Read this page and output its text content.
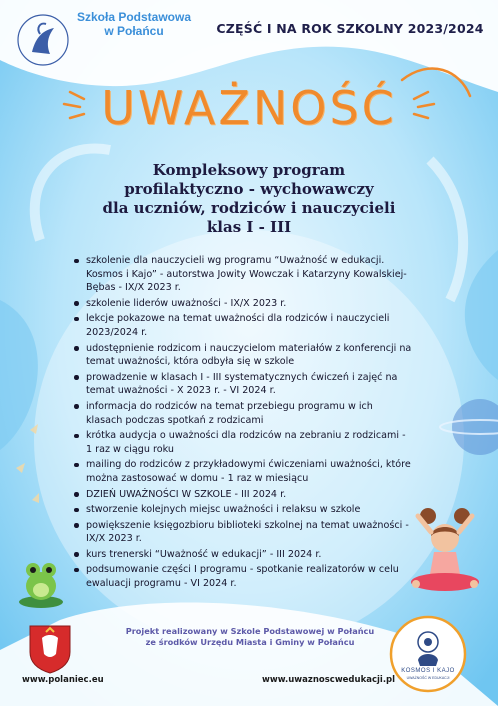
Szkoła Podstawowa
w Połańcu	CZĘŚĆ I NA ROK SZKOLNY 2023/2024
UWAŻNOŚĆ
Kompleksowy program
profilaktyczno - wychowawczy
dla uczniów, rodziców i nauczycieli
klas I - III
szkolenie dla nauczycieli wg programu “Uważność w edukacji. Kosmos i Kajo” - autorstwa Jowity Wowczak i Katarzyny Kowalskiej-Bębas - IX/X 2023 r.
szkolenie liderów uważności - IX/X 2023 r.
lekcje pokazowe na temat uważności dla rodziców i nauczycieli 2023/2024 r.
udostępnienie rodzicom i nauczycielom materiałów z konferencji na temat uważności, która odbyła się w szkole
prowadzenie w klasach I - III systematycznych ćwiczeń i zajęć na temat uważności - X 2023 r. - VI 2024 r.
informacja do rodziców na temat przebiegu programu w ich klasach podczas spotkań z rodzicami
krótka audycja o uważności dla rodziców na zebraniu z rodzicami - 1 raz w ciągu roku
mailing do rodziców z przykładowymi ćwiczeniami uważności, które można zastosować w domu - 1 raz w miesiącu
DZIEŃ UWAŻNOŚCI W SZKOLE - III 2024 r.
stworzenie kolejnych miejsc uważności i relaksu w szkole
powiększenie księgozbioru biblioteki szkolnej na temat uważności - IX/X 2023 r.
kurs trenerski “Uważność w edukacji” - III 2024 r.
podsumowanie części I programu - spotkanie realizatorów w celu ewaluacji programu - VI 2024 r.
Projekt realizowany w Szkole Podstawowej w Połańcu
ze środków Urzędu Miasta i Gminy w Połańcu
www.polaniec.eu	www.uwaznoscwedukacji.pl
KOSMOS I KAJO
UWAŻNOŚĆ W EDUKACJI
